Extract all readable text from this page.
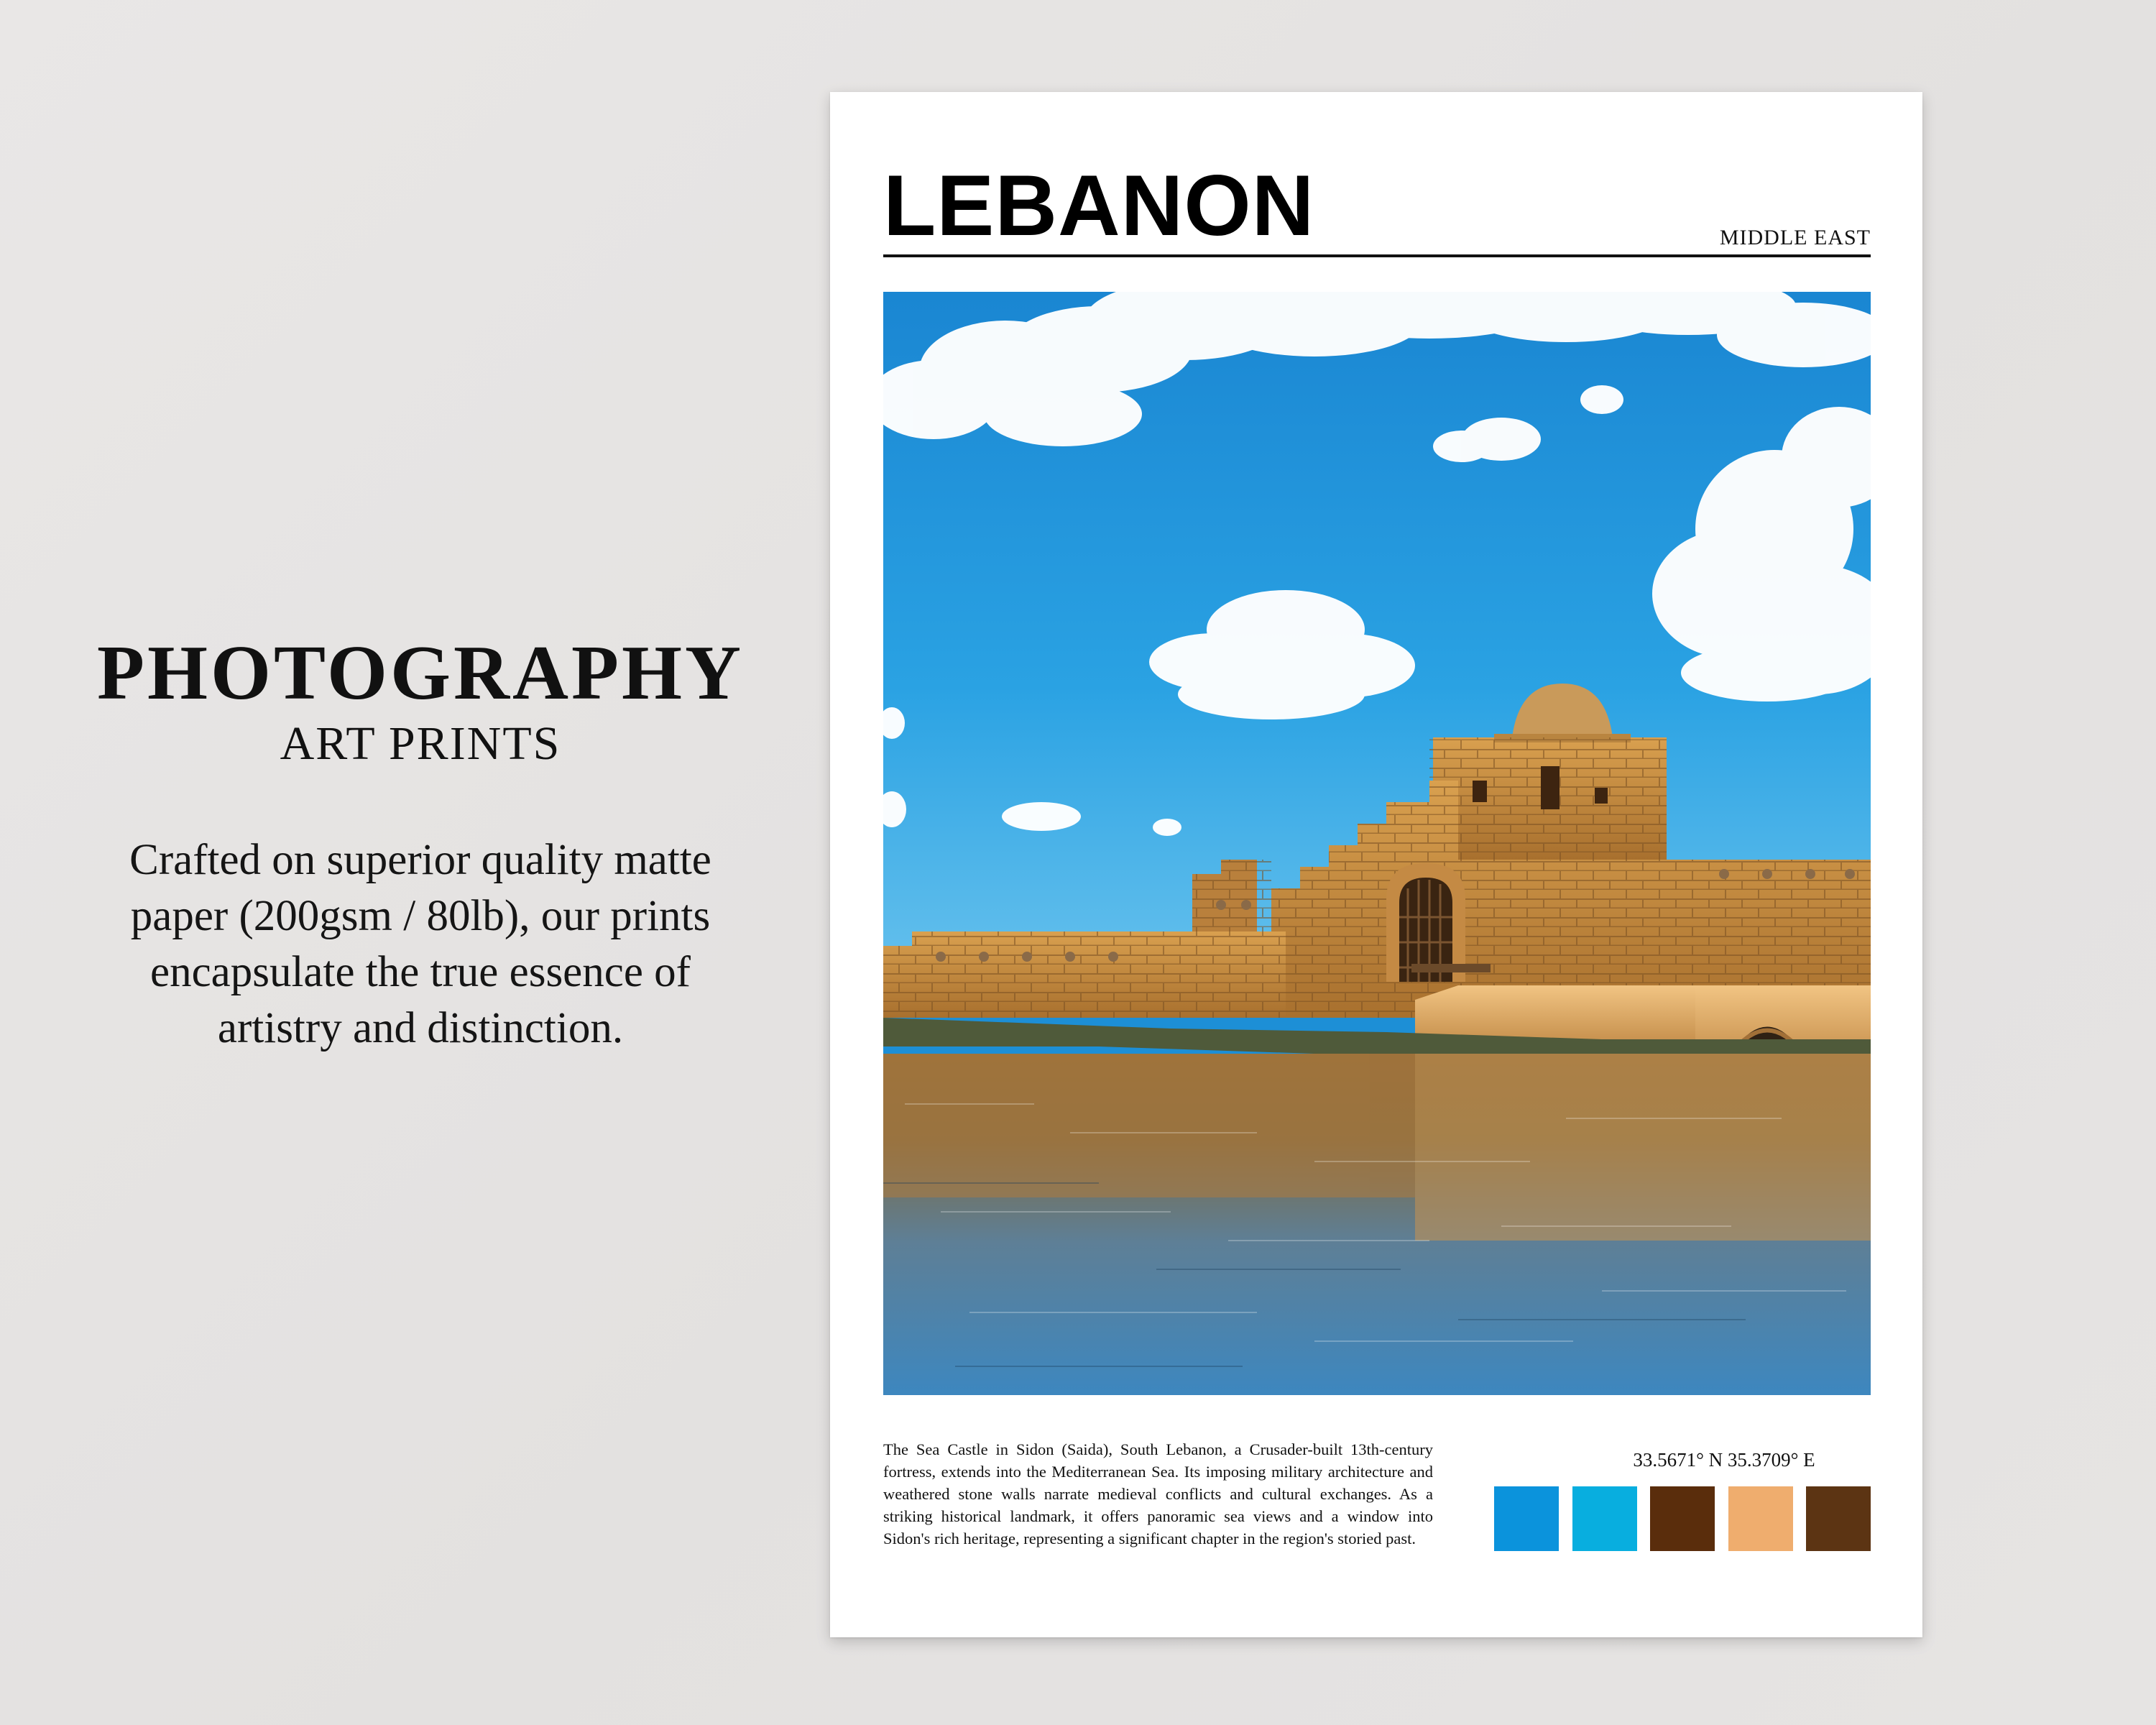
PHOTOGRAPHY
ART PRINTS

Crafted on superior quality matte paper (200gsm / 80lb), our prints encapsulate the true essence of artistry and distinction.

LEBANON	MIDDLE EAST

The Sea Castle in Sidon (Saida), South Lebanon, a Crusader-built 13th-century fortress, extends into the Mediterranean Sea. Its imposing military architecture and weathered stone walls narrate medieval conflicts and cultural exchanges. As a striking historical landmark, it offers panoramic sea views and a window into Sidon's rich heritage, representing a significant chapter in the region's storied past.

33.5671° N 35.3709° E
